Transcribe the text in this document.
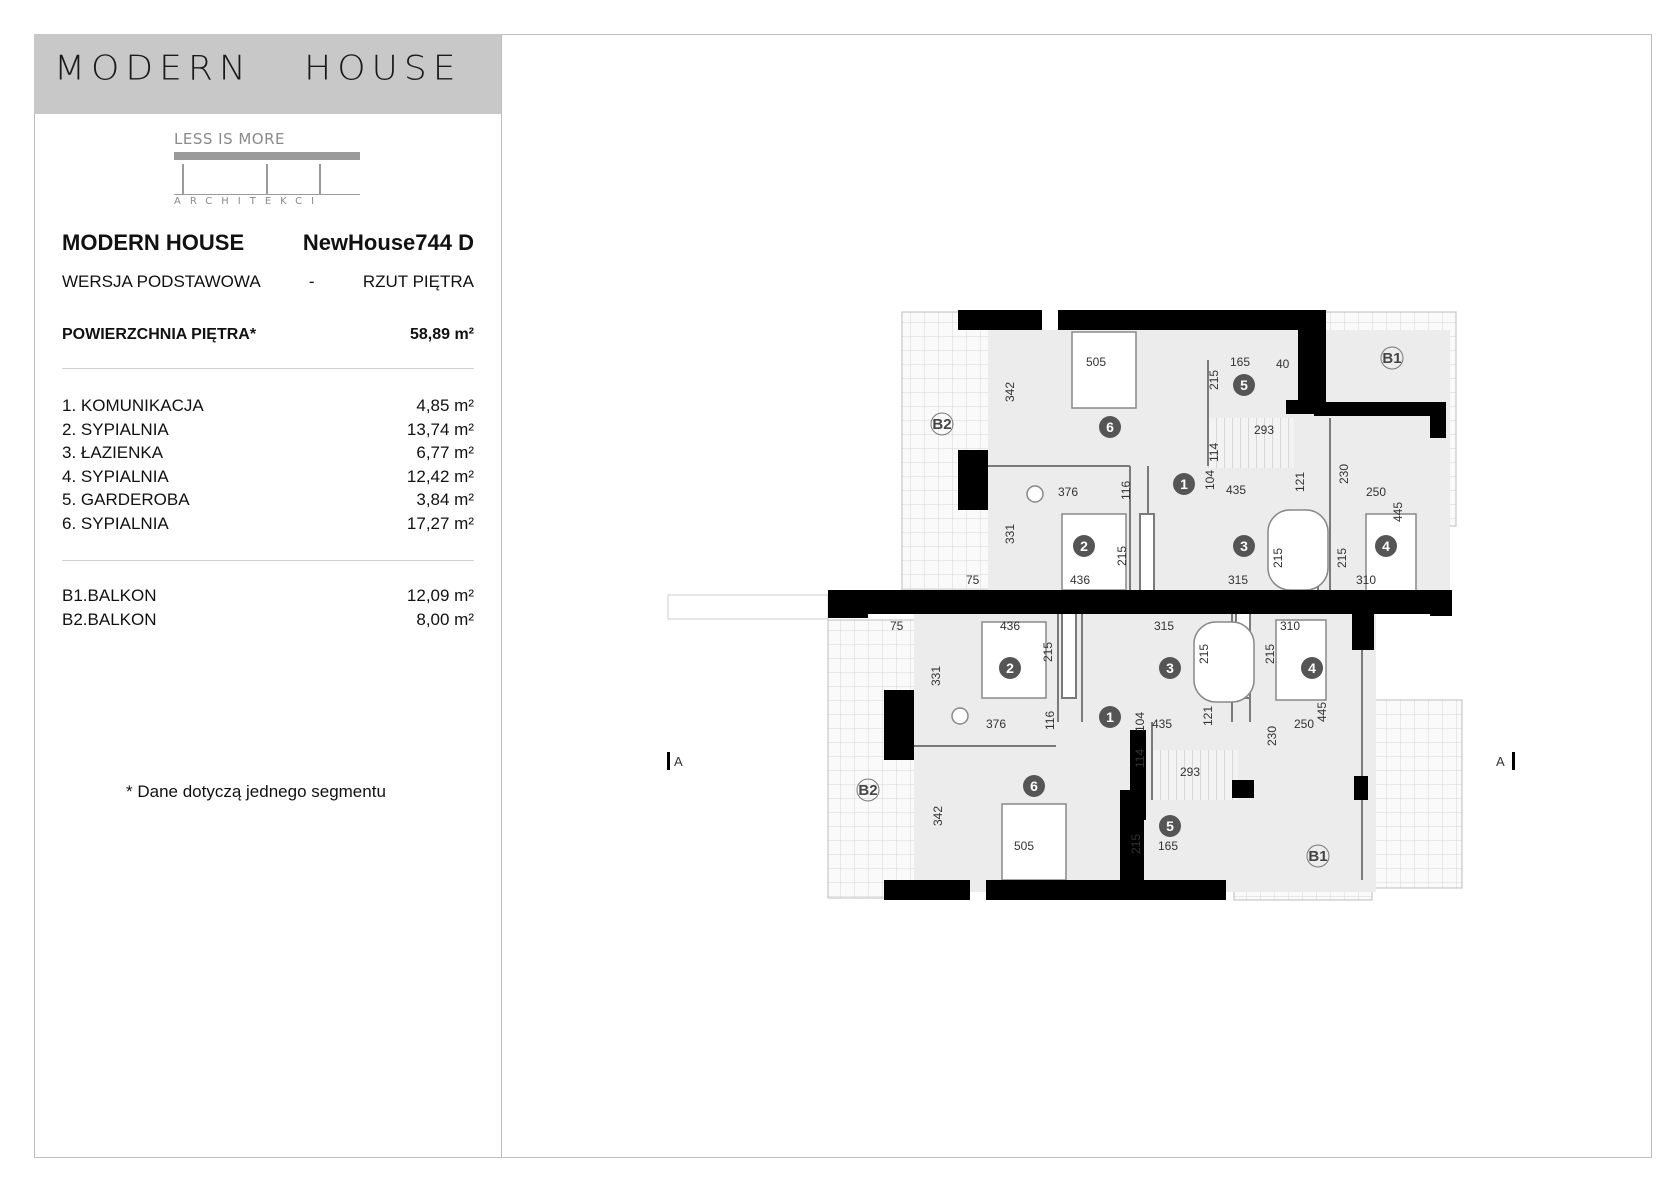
MODERN   HOUSE
LESS IS MORE
ARCHITEKCI
MODERN HOUSE	NewHouse744 D
WERSJA PODSTAWOWA	-	RZUT PIĘTRA
POWIERZCHNIA PIĘTRA*	58,89 m²
1. KOMUNIKACJA	4,85 m²
2. SYPIALNIA	13,74 m²
3. ŁAZIENKA	6,77 m²
4. SYPIALNIA	12,42 m²
5. GARDEROBA	3,84 m²
6. SYPIALNIA	17,27 m²
B1.BALKON	12,09 m²
B2.BALKON	8,00 m²
* Dane dotyczą jednego segmentu
6
5
1
2	3	4
2	3	4
1
6
5
B1
B2
B2
B1
505
342
165
215
40
293
114
230
250
376	116
104 435	121
445
331
215	215	215
436	315	310
75
75	436	315	310
215	215	215
331
445
376	116	104 435 121
230
250
114
293
342
215 165
505
A	A
